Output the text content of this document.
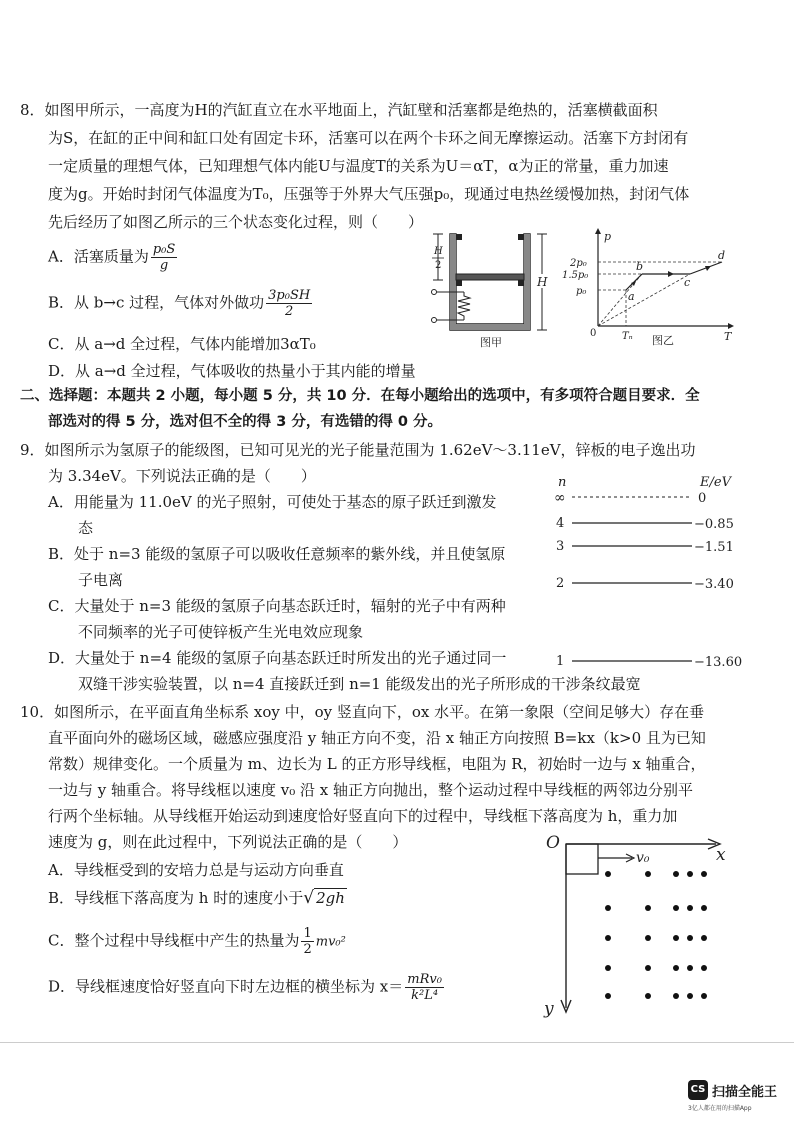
8．如图甲所示，一高度为H的汽缸直立在水平地面上，汽缸壁和活塞都是绝热的，活塞横截面积
为S，在缸的正中间和缸口处有固定卡环，活塞可以在两个卡环之间无摩擦运动。活塞下方封闭有
一定质量的理想气体，已知理想气体内能U与温度T的关系为U＝αT，α为正的常量，重力加速
度为g。开始时封闭气体温度为T₀，压强等于外界大气压强p₀，现通过电热丝缓慢加热，封闭气体
先后经历了如图乙所示的三个状态变化过程，则（　　）
A．活塞质量为 $\frac{\text{p₀S}}{g}$
B．从 b→c 过程，气体对外做功 $\frac{\text{3p₀SH}}{2}$
C．从 a→d 全过程，气体内能增加3αT₀
D．从 a→d 全过程，气体吸收的热量小于其内能的增量
H
2
H
图甲
p
T
0
2p₀
1.5p₀
p₀
Tₙ
a
b
c
d
图乙
二、选择题：本题共 2 小题，每小题 5 分，共 10 分．在每小题给出的选项中，有多项符合题目要求．全
部选对的得 5 分，选对但不全的得 3 分，有选错的得 0 分。
9．如图所示为氢原子的能级图，已知可见光的光子能量范围为 1.62eV～3.11eV，锌板的电子逸出功
为 3.34eV。下列说法正确的是（　　）
A．用能量为 11.0eV 的光子照射，可使处于基态的原子跃迁到激发
态
B．处于 n=3 能级的氢原子可以吸收任意频率的紫外线，并且使氢原
子电离
C．大量处于 n=3 能级的氢原子向基态跃迁时，辐射的光子中有两种
不同频率的光子可使锌板产生光电效应现象
D．大量处于 n=4 能级的氢原子向基态跃迁时所发出的光子通过同一
双缝干涉实验装置，以 n=4 直接跃迁到 n=1 能级发出的光子所形成的干涉条纹最宽
n	E/eV
∞	0
4	−0.85
3	−1.51
2	−3.40
1	−13.60
10．如图所示，在平面直角坐标系 xoy 中，oy 竖直向下，ox 水平。在第一象限（空间足够大）存在垂
直平面向外的磁场区域，磁感应强度沿 y 轴正方向不变，沿 x 轴正方向按照 B=kx（k>0 且为已知
常数）规律变化。一个质量为 m、边长为 L 的正方形导线框，电阻为 R，初始时一边与 x 轴重合，
一边与 y 轴重合。将导线框以速度 v₀ 沿 x 轴正方向抛出，整个运动过程中导线框的两邻边分别平
行两个坐标轴。从导线框开始运动到速度恰好竖直向下的过程中，导线框下落高度为 h，重力加
速度为 g，则在此过程中，下列说法正确的是（　　）
A．导线框受到的安培力总是与运动方向垂直
B．导线框下落高度为 h 时的速度小于√ 2gh
C．整个过程中导线框中产生的热量为 $\frac{1}{2} mv_0^2$
D．导线框速度恰好竖直向下时左边框的横坐标为 $x= \frac{\text{mRv₀}}{\text{k²L⁴}}$
O
x
y
v₀
CS 扫描全能王
3亿人都在用的扫描App
